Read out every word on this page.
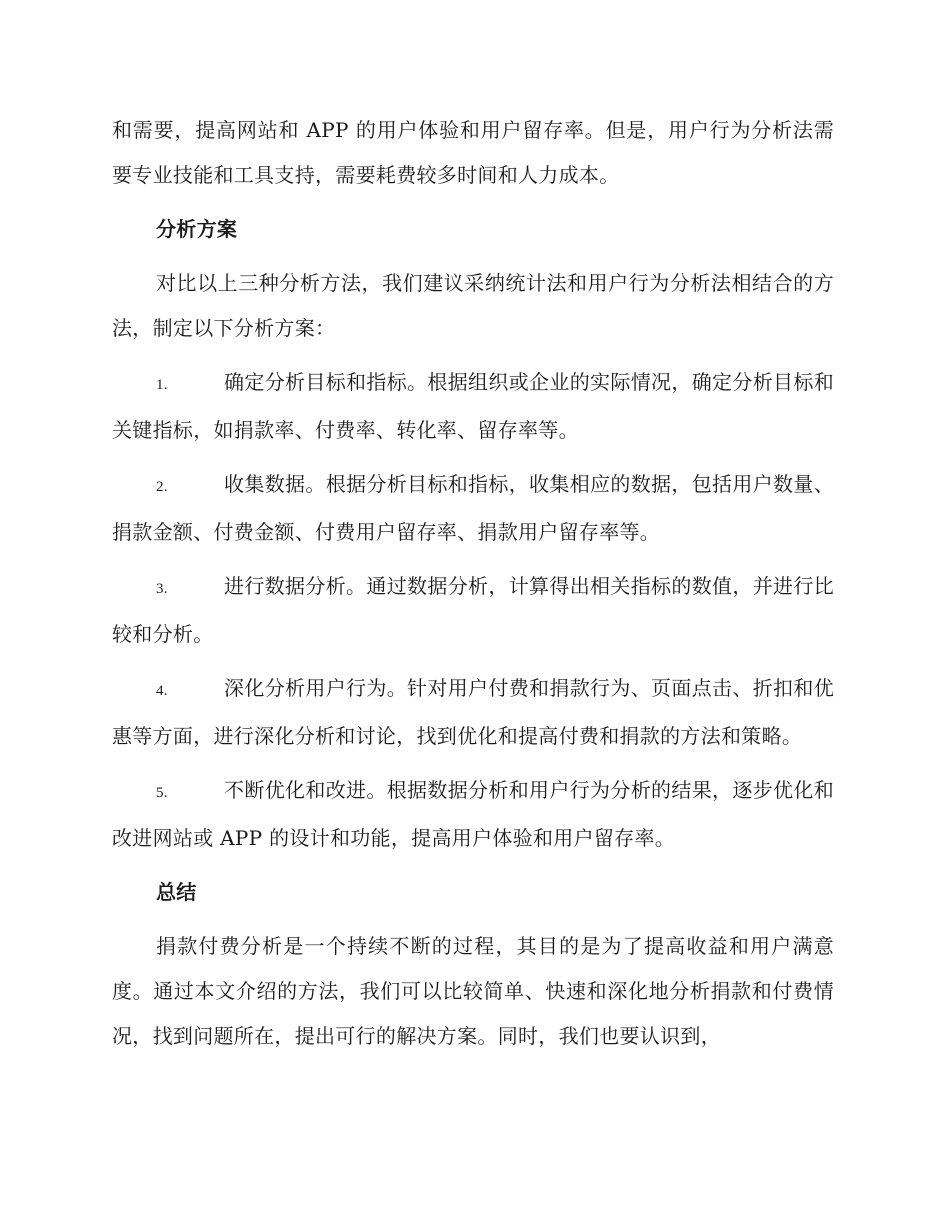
和需要，提高网站和 APP 的用户体验和用户留存率。但是，用户行为分析法需要专业技能和工具支持，需要耗费较多时间和人力成本。

分析方案

对比以上三种分析方法，我们建议采纳统计法和用户行为分析法相结合的方法，制定以下分析方案：

1.	确定分析目标和指标。根据组织或企业的实际情况，确定分析目标和关键指标，如捐款率、付费率、转化率、留存率等。

2.	收集数据。根据分析目标和指标，收集相应的数据，包括用户数量、捐款金额、付费金额、付费用户留存率、捐款用户留存率等。

3.	进行数据分析。通过数据分析，计算得出相关指标的数值，并进行比较和分析。

4.	深化分析用户行为。针对用户付费和捐款行为、页面点击、折扣和优惠等方面，进行深化分析和讨论，找到优化和提高付费和捐款的方法和策略。

5.	不断优化和改进。根据数据分析和用户行为分析的结果，逐步优化和改进网站或 APP 的设计和功能，提高用户体验和用户留存率。

总结

捐款付费分析是一个持续不断的过程，其目的是为了提高收益和用户满意度。通过本文介绍的方法，我们可以比较简单、快速和深化地分析捐款和付费情况，找到问题所在，提出可行的解决方案。同时，我们也要认识到，
